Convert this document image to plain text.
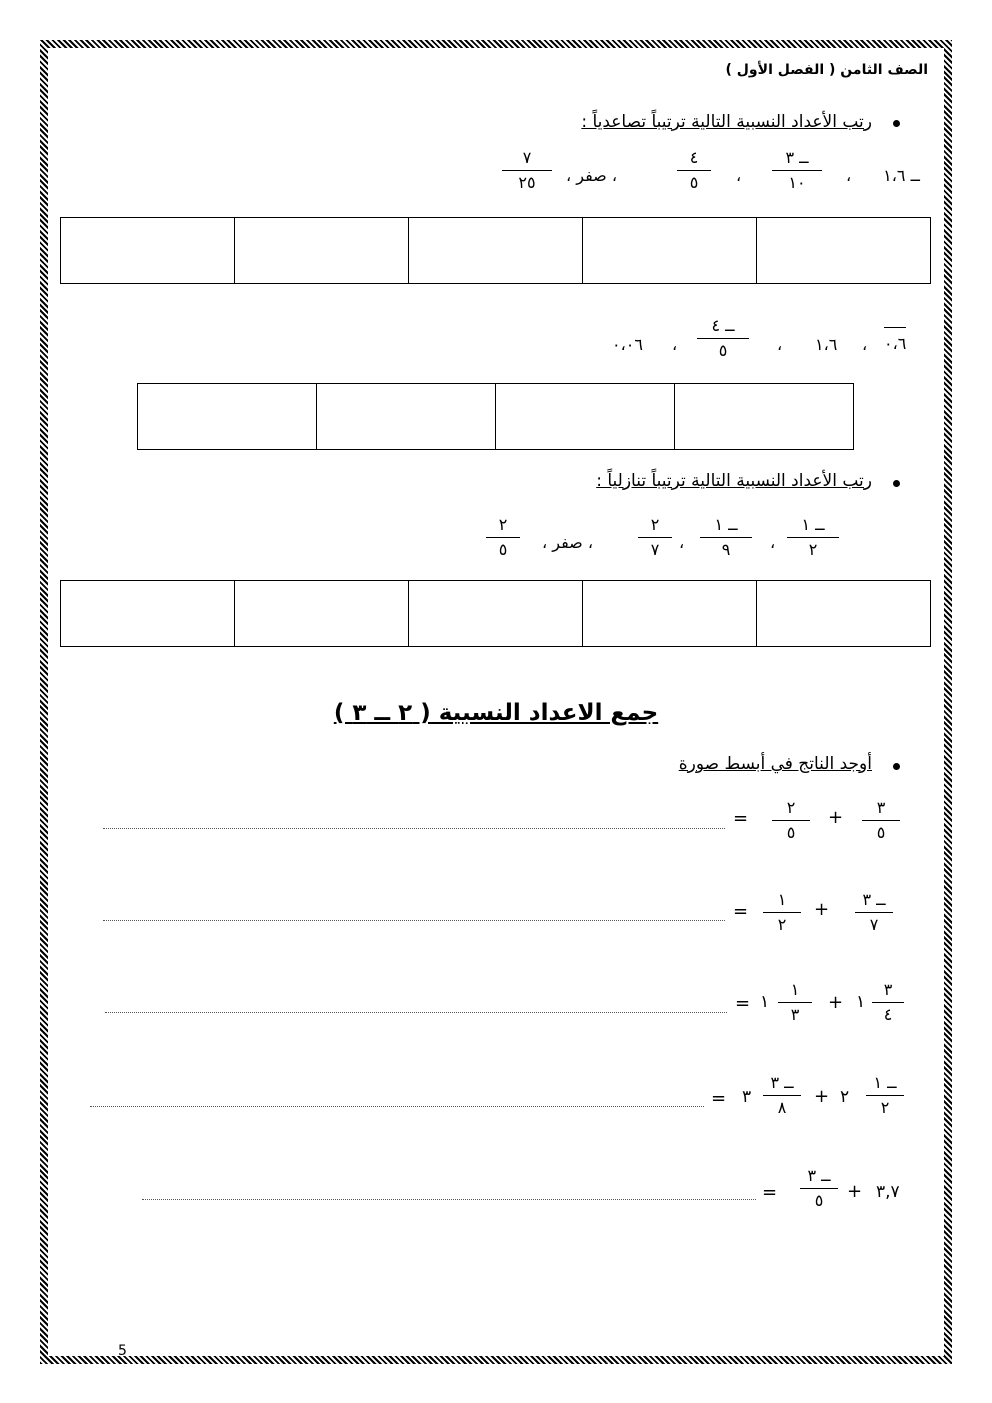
الصف الثامن ( الفصل الأول )
رتب الأعداد النسبية التالية ترتيباً تصاعدياً :
ــ ١،٦
،
ــ ٣
١٠
،
٤
٥
، صفر ،
٧
٢٥

٠،٦
،
١،٦
،
ــ ٤
٥
،
٠،٠٦

رتب الأعداد النسبية التالية ترتيباً تنازلياً :
ــ ١
٢
،
ــ ١
٩
،
٢
٧
، صفر ،
٢
٥

جمع الاعداد النسبية ( ٢ ــ ٣ )
أوجد الناتج في أبسط صورة
٣
٥
+
٢
٥
=
ــ ٣
٧
+
١
٢
=
٣
٤
١
+
١
٣
١
=
ــ ١
٢
٢
+
ــ ٣
٨
٣
=
٣,٧
+
ــ ٣
٥
=
5
